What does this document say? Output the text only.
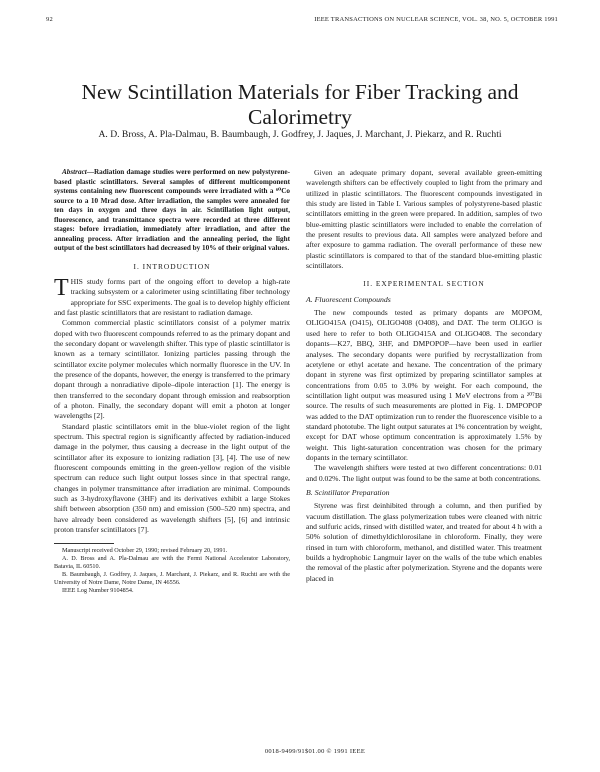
92	IEEE TRANSACTIONS ON NUCLEAR SCIENCE, VOL. 38, NO. 5, OCTOBER 1991
New Scintillation Materials for Fiber Tracking and Calorimetry
A. D. Bross, A. Pla-Dalmau, B. Baumbaugh, J. Godfrey, J. Jaques, J. Marchant, J. Piekarz, and R. Ruchti

Abstract—Radiation damage studies were performed on new polystyrene-based plastic scintillators. Several samples of different multicomponent systems containing new fluorescent compounds were irradiated with a ⁶⁰Co source to a 10 Mrad dose. After irradiation, the samples were annealed for ten days in oxygen and three days in air. Scintillation light output, fluorescence, and transmittance spectra were recorded at three different stages: before irradiation, immediately after irradiation, and after the annealing process. After irradiation and the annealing period, the light output of the best scintillators had decreased by 10% of their original values.

I. INTRODUCTION

THIS study forms part of the ongoing effort to develop a high-rate tracking subsystem or a calorimeter using scintillating fiber technology appropriate for SSC experiments. The goal is to develop highly efficient and fast plastic scintillators that are resistant to radiation damage.

Common commercial plastic scintillators consist of a polymer matrix doped with two fluorescent compounds referred to as the primary dopant and the secondary dopant or wavelength shifter. This type of plastic scintillator is known as a ternary scintillator. Ionizing particles passing through the scintillator excite polymer molecules which normally fluoresce in the UV. In the presence of the dopants, however, the energy is transferred to the primary dopant through a nonradiative dipole–dipole interaction [1]. The energy is then transferred to the secondary dopant through emission and reabsorption of a photon. Finally, the secondary dopant will emit a photon at longer wavelengths [2].

Standard plastic scintillators emit in the blue-violet region of the light spectrum. This spectral region is significantly affected by radiation-induced damage in the polymer, thus causing a decrease in the light output of the scintillator after its exposure to ionizing radiation [3], [4]. The use of new fluorescent compounds emitting in the green-yellow region of the visible spectrum can reduce such light output losses since in that spectral range, changes in polymer transmittance after irradiation are minimal. Compounds such as 3-hydroxyflavone (3HF) and its derivatives exhibit a large Stokes shift between absorption (350 nm) and emission (500–520 nm) spectra, and have already been considered as wavelength shifters [5], [6] and intrinsic proton transfer scintillators [7].

Manuscript received October 29, 1990; revised February 20, 1991.

A. D. Bross and A. Pla-Dalmau are with the Fermi National Accelerator Laboratory, Batavia, IL 60510.

B. Baumbaugh, J. Godfrey, J. Jaques, J. Marchant, J. Piekarz, and R. Ruchti are with the University of Notre Dame, Notre Dame, IN 46556.

IEEE Log Number 9104854.

Given an adequate primary dopant, several available green-emitting wavelength shifters can be effectively coupled to light from the primary and utilized in plastic scintillators. The fluorescent compounds investigated in this study are listed in Table I. Various samples of polystyrene-based plastic scintillators emitting in the green were prepared. In addition, samples of two blue-emitting plastic scintillators were included to enable the correlation of the present results to previous data. All samples were analyzed before and after exposure to gamma radiation. The overall performance of these new plastic scintillators is compared to that of the standard blue-emitting plastic scintillators.

II. EXPERIMENTAL SECTION
A. Fluorescent Compounds

The new compounds tested as primary dopants are MOPOM, OLIGO415A (O415), OLIGO408 (O408), and DAT. The term OLIGO is used here to refer to both OLIGO415A and OLIGO408. The secondary dopants—K27, BBQ, 3HF, and DMPOPOP—have been used in earlier analyses. The secondary dopants were purified by recrystallization from acetylene or ethyl acetate and hexane. The concentration of the primary dopant in styrene was first optimized by preparing scintillator samples at concentrations from 0.05 to 3.0% by weight. For each compound, the scintillation light output was measured using 1 MeV electrons from a ²⁰⁷Bi source. The results of such measurements are plotted in Fig. 1. DMPOPOP was added to the DAT optimization run to render the fluorescence visible to a standard phototube. The light output saturates at 1% concentration by weight, except for DAT whose optimum concentration is approximately 1.5% by weight. This light-saturation concentration was chosen for the primary dopants in the ternary scintillator.

The wavelength shifters were tested at two different concentrations: 0.01 and 0.02%. The light output was found to be the same at both concentrations.

B. Scintillator Preparation

Styrene was first deinhibited through a column, and then purified by vacuum distillation. The glass polymerization tubes were cleaned with nitric and sulfuric acids, rinsed with distilled water, and treated for about 4 h with a 50% solution of dimethyldichlorosilane in chloroform. Finally, they were rinsed in turn with chloroform, methanol, and distilled water. This treatment builds a hydrophobic Langmuir layer on the walls of the tube which enables the removal of the plastic after polymerization. Styrene and the dopants were placed in

0018-9499/91$01.00 © 1991 IEEE
